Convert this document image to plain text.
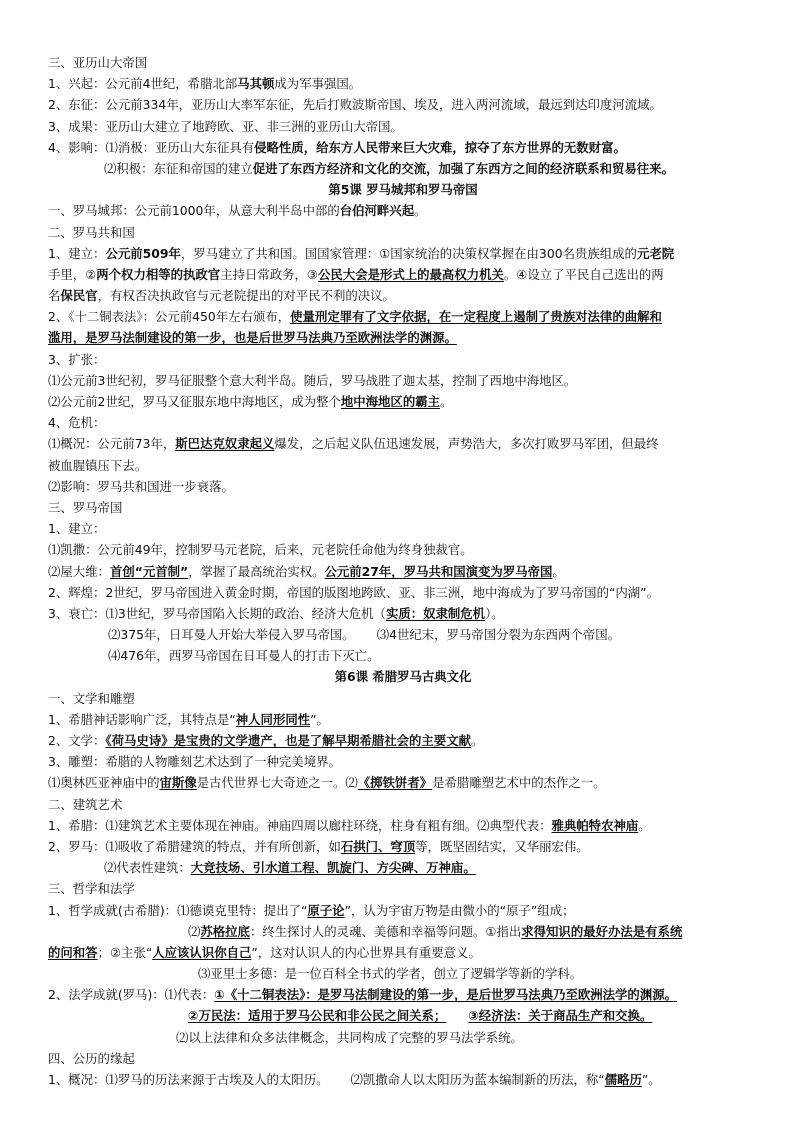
三、亚历山大帝国
1、兴起：公元前4世纪，希腊北部马其顿成为军事强国。
2、东征：公元前334年，亚历山大率军东征，先后打败波斯帝国、埃及，进入两河流域，最远到达印度河流域。
3、成果：亚历山大建立了地跨欧、亚、非三洲的亚历山大帝国。
4、影响：⑴消极：亚历山大东征具有侵略性质，给东方人民带来巨大灾难，掠夺了东方世界的无数财富。
⑵积极：东征和帝国的建立促进了东西方经济和文化的交流，加强了东西方之间的经济联系和贸易往来。
第5课 罗马城邦和罗马帝国
一、罗马城邦：公元前1000年，从意大利半岛中部的台伯河畔兴起。
二、罗马共和国
1、建立：公元前509年，罗马建立了共和国。国国家管理：①国家统治的决策权掌握在由300名贵族组成的元老院
手里，②两个权力相等的执政官主持日常政务，③公民大会是形式上的最高权力机关。④设立了平民自己选出的两
名保民官，有权否决执政官与元老院提出的对平民不利的决议。
2、《十二铜表法》：公元前450年左右颁布，使量刑定罪有了文字依据，在一定程度上遏制了贵族对法律的曲解和
滥用，是罗马法制建设的第一步，也是后世罗马法典乃至欧洲法学的渊源。
3、扩张：
⑴公元前3世纪初，罗马征服整个意大利半岛。随后，罗马战胜了迦太基，控制了西地中海地区。
⑵公元前2世纪，罗马又征服东地中海地区，成为整个地中海地区的霸主。
4、危机：
⑴概况：公元前73年，斯巴达克奴隶起义爆发，之后起义队伍迅速发展，声势浩大，多次打败罗马军团，但最终
被血腥镇压下去。
⑵影响：罗马共和国进一步衰落。
三、罗马帝国
1、建立：
⑴凯撒：公元前49年，控制罗马元老院，后来，元老院任命他为终身独裁官。
⑵屋大维：首创“元首制”，掌握了最高统治实权。公元前27年，罗马共和国演变为罗马帝国。
2、辉煌：2世纪，罗马帝国进入黄金时期，帝国的版图地跨欧、亚、非三洲，地中海成为了罗马帝国的“内湖”。
3、衰亡：⑴3世纪，罗马帝国陷入长期的政治、经济大危机（实质：奴隶制危机）。
⑵375年，日耳曼人开始大举侵入罗马帝国。 ⑶4世纪末，罗马帝国分裂为东西两个帝国。
⑷476年，西罗马帝国在日耳曼人的打击下灭亡。
第6课 希腊罗马古典文化
一、文学和雕塑
1、希腊神话影响广泛，其特点是“神人同形同性”。
2、文学：《荷马史诗》是宝贵的文学遗产，也是了解早期希腊社会的主要文献。
3、雕塑：希腊的人物雕刻艺术达到了一种完美境界。
⑴奥林匹亚神庙中的宙斯像是古代世界七大奇迹之一。⑵《掷铁饼者》是希腊雕塑艺术中的杰作之一。
二、建筑艺术
1、希腊：⑴建筑艺术主要体现在神庙。神庙四周以廊柱环绕，柱身有粗有细。⑵典型代表：雅典帕特农神庙。
2、罗马：⑴吸收了希腊建筑的特点，并有所创新，如石拱门、穹顶等，既坚固结实，又华丽宏伟。
⑵代表性建筑：大竞技场、引水道工程、凯旋门、方尖碑、万神庙。
三、哲学和法学
1、哲学成就(古希腊)：⑴德谟克里特：提出了“原子论”，认为宇宙万物是由微小的“原子”组成；
⑵苏格拉底：终生探讨人的灵魂、美德和幸福等问题。①指出求得知识的最好办法是有系统
的问和答；②主张“人应该认识你自己”，这对认识人的内心世界具有重要意义。
⑶亚里士多德：是一位百科全书式的学者，创立了逻辑学等新的学科。
2、法学成就(罗马)：⑴代表：①《十二铜表法》：是罗马法制建设的第一步，是后世罗马法典乃至欧洲法学的渊源。
②万民法：适用于罗马公民和非公民之间关系； ③经济法：关于商品生产和交换。
⑵以上法律和众多法律概念，共同构成了完整的罗马法学系统。
四、公历的缘起
1、概况：⑴罗马的历法来源于古埃及人的太阳历。 ⑵凯撒命人以太阳历为蓝本编制新的历法，称“儒略历”。
